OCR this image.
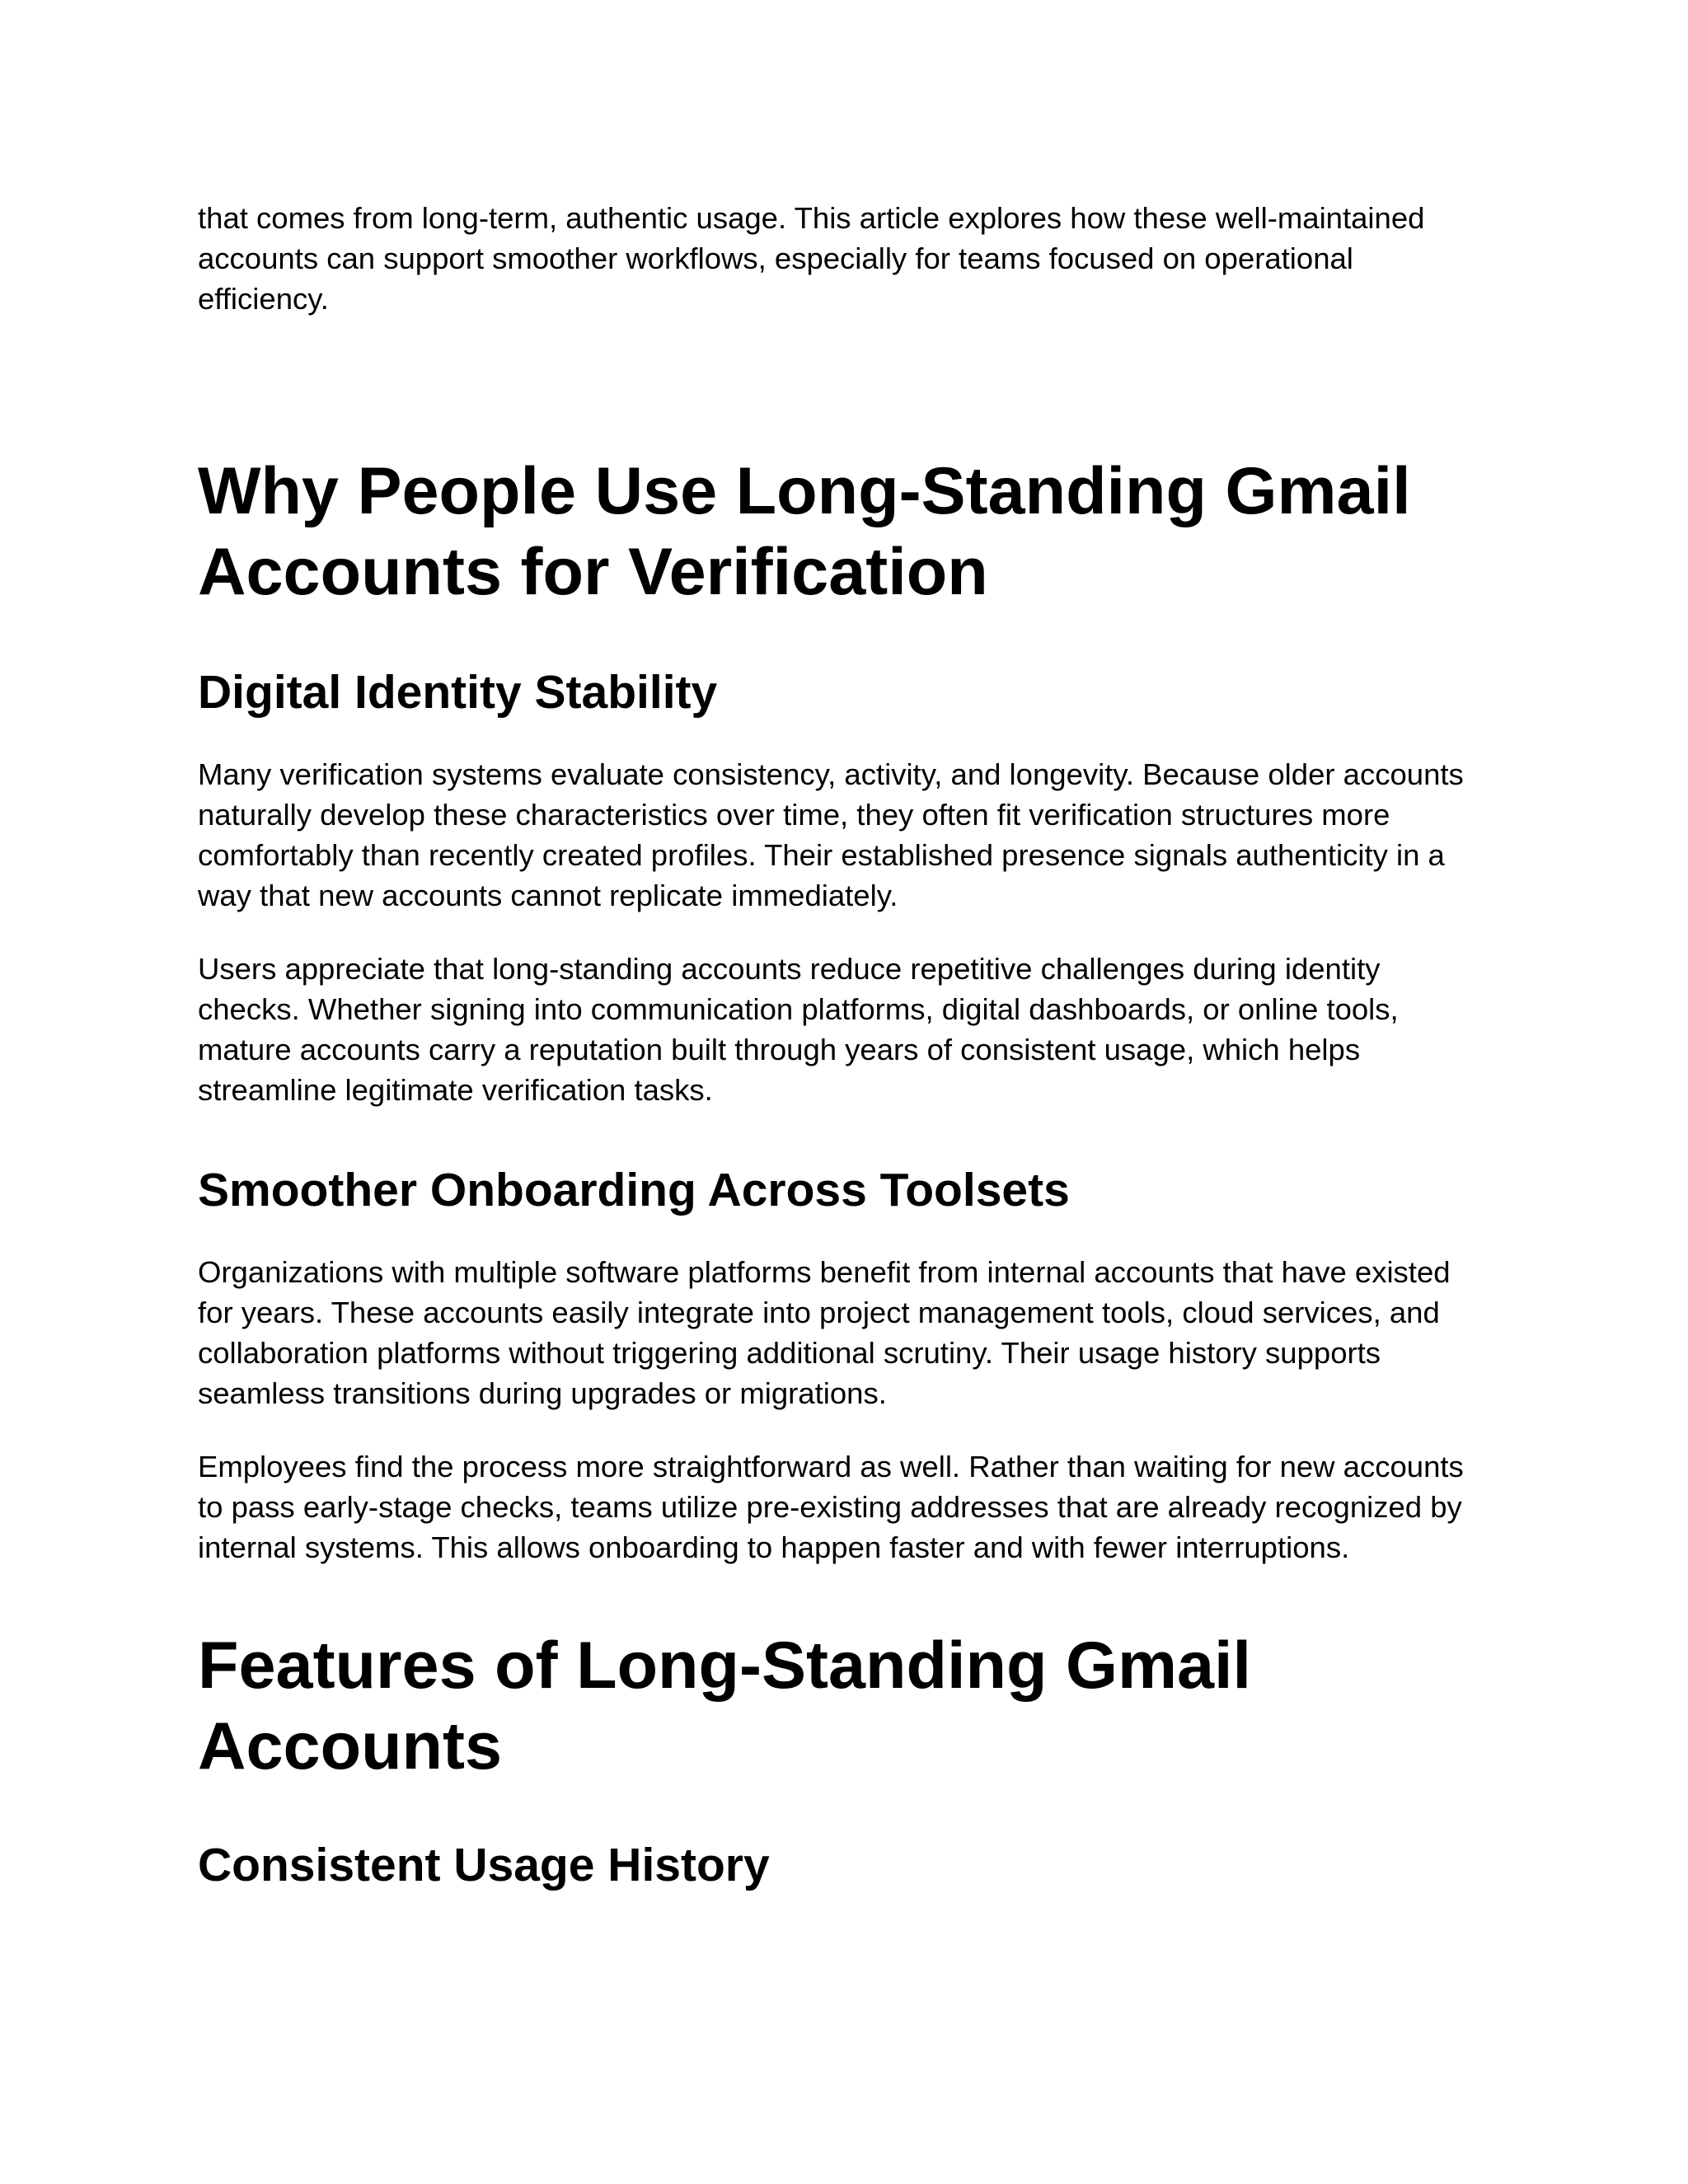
that comes from long-term, authentic usage. This article explores how these well-maintained accounts can support smoother workflows, especially for teams focused on operational efficiency.

Why People Use Long-Standing Gmail Accounts for Verification
Digital Identity Stability

Many verification systems evaluate consistency, activity, and longevity. Because older accounts naturally develop these characteristics over time, they often fit verification structures more comfortably than recently created profiles. Their established presence signals authenticity in a way that new accounts cannot replicate immediately.

Users appreciate that long-standing accounts reduce repetitive challenges during identity checks. Whether signing into communication platforms, digital dashboards, or online tools, mature accounts carry a reputation built through years of consistent usage, which helps streamline legitimate verification tasks.

Smoother Onboarding Across Toolsets

Organizations with multiple software platforms benefit from internal accounts that have existed for years. These accounts easily integrate into project management tools, cloud services, and collaboration platforms without triggering additional scrutiny. Their usage history supports seamless transitions during upgrades or migrations.

Employees find the process more straightforward as well. Rather than waiting for new accounts to pass early-stage checks, teams utilize pre-existing addresses that are already recognized by internal systems. This allows onboarding to happen faster and with fewer interruptions.

Features of Long-Standing Gmail Accounts
Consistent Usage History
